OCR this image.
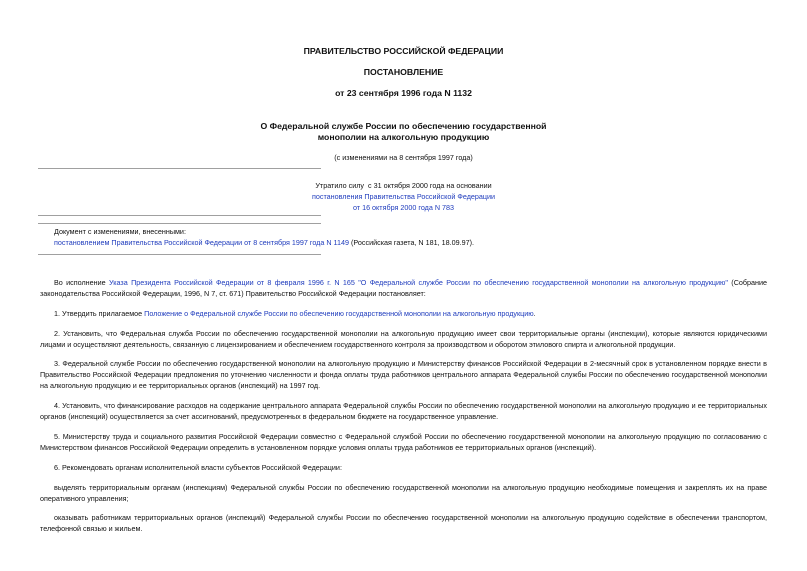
ПРАВИТЕЛЬСТВО РОССИЙСКОЙ ФЕДЕРАЦИИ
ПОСТАНОВЛЕНИЕ
от 23 сентября 1996 года N 1132
О Федеральной службе России по обеспечению государственной
монополии на алкогольную продукцию
(с изменениями на 8 сентября 1997 года)
Утратило силу  с 31 октября 2000 года на основании
постановления Правительства Российской Федерации
от 16 октября 2000 года N 783
Документ с изменениями, внесенными:
постановлением Правительства Российской Федерации от 8 сентября 1997 года N 1149 (Российская газета, N 181, 18.09.97).

Во исполнение Указа Президента Российской Федерации от 8 февраля 1996 г. N 165 "О Федеральной службе России по обеспечению государственной монополии на алкогольную продукцию" (Собрание законодательства Российской Федерации, 1996, N 7, ст. 671) Правительство Российской Федерации постановляет:

1. Утвердить прилагаемое Положение о Федеральной службе России по обеспечению государственной монополии на алкогольную продукцию.

2. Установить, что Федеральная служба России по обеспечению государственной монополии на алкогольную продукцию имеет свои территориальные органы (инспекции), которые являются юридическими лицами и осуществляют деятельность, связанную с лицензированием и обеспечением государственного контроля за производством и оборотом этилового спирта и алкогольной продукции.

3. Федеральной службе России по обеспечению государственной монополии на алкогольную продукцию и Министерству финансов Российской Федерации в 2-месячный срок в установленном порядке внести в Правительство Российской Федерации предложения по уточнению численности и фонда оплаты труда работников центрального аппарата Федеральной службы России по обеспечению государственной монополии на алкогольную продукцию и ее территориальных органов (инспекций) на 1997 год.

4. Установить, что финансирование расходов на содержание центрального аппарата Федеральной службы России по обеспечению государственной монополии на алкогольную продукцию и ее территориальных органов (инспекций) осуществляется за счет ассигнований, предусмотренных в федеральном бюджете на государственное управление.

5. Министерству труда и социального развития Российской Федерации совместно с Федеральной службой России по обеспечению государственной монополии на алкогольную продукцию по согласованию с Министерством финансов Российской Федерации определить в установленном порядке условия оплаты труда работников ее территориальных органов (инспекций).

6. Рекомендовать органам исполнительной власти субъектов Российской Федерации:

выделять территориальным органам (инспекциям) Федеральной службы России по обеспечению государственной монополии на алкогольную продукцию необходимые помещения и закреплять их на праве оперативного управления;

оказывать работникам территориальных органов (инспекций) Федеральной службы России по обеспечению государственной монополии на алкогольную продукцию содействие в обеспечении транспортом, телефонной связью и жильем.
